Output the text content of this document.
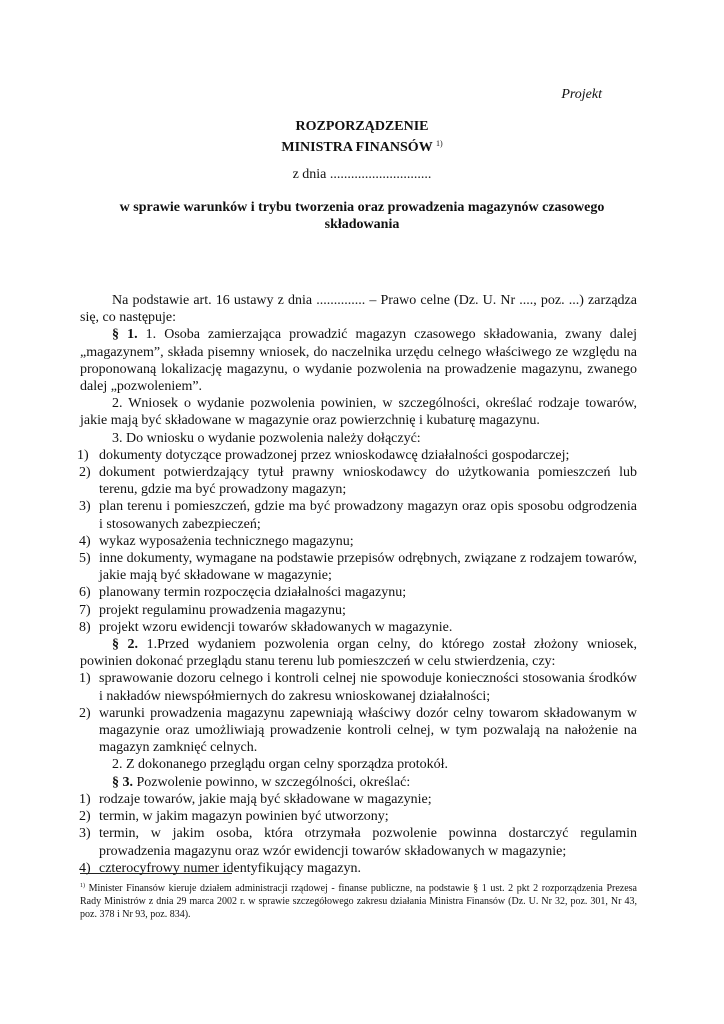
Projekt
ROZPORZĄDZENIE
MINISTRA FINANSÓW $^{1)}$
z dnia .............................
w sprawie warunków i trybu tworzenia oraz prowadzenia magazynów czasowego składowania

Na podstawie art. 16 ustawy z dnia .............. – Prawo celne (Dz. U. Nr ...., poz. ...) zarządza się, co następuje:

§ 1. 1. Osoba zamierzająca prowadzić magazyn czasowego składowania, zwany dalej „magazynem”, składa pisemny wniosek, do naczelnika urzędu celnego właściwego ze względu na proponowaną lokalizację magazynu, o wydanie pozwolenia na prowadzenie magazynu, zwanego dalej „pozwoleniem”.

2. Wniosek o wydanie pozwolenia powinien, w szczególności, określać rodzaje towarów, jakie mają być składowane w magazynie oraz powierzchnię i kubaturę magazynu.

3. Do wniosku o wydanie pozwolenia należy dołączyć:

1) dokumenty dotyczące prowadzonej przez wnioskodawcę działalności gospodarczej;
2) dokument potwierdzający tytuł prawny wnioskodawcy do użytkowania pomieszczeń lub terenu, gdzie ma być prowadzony magazyn;
3) plan terenu i pomieszczeń, gdzie ma być prowadzony magazyn oraz opis sposobu odgrodzenia i stosowanych zabezpieczeń;
4) wykaz wyposażenia technicznego magazynu;
5) inne dokumenty, wymagane na podstawie przepisów odrębnych, związane z rodzajem towarów, jakie mają być składowane w magazynie;
6) planowany termin rozpoczęcia działalności magazynu;
7) projekt regulaminu prowadzenia magazynu;
8) projekt wzoru ewidencji towarów składowanych w magazynie.

§ 2. 1.Przed wydaniem pozwolenia organ celny, do którego został złożony wniosek, powinien dokonać przeglądu stanu terenu lub pomieszczeń w celu stwierdzenia, czy:

1) sprawowanie dozoru celnego i kontroli celnej nie spowoduje konieczności stosowania środków i nakładów niewspółmiernych do zakresu wnioskowanej działalności;
2) warunki prowadzenia magazynu zapewniają właściwy dozór celny towarom składowanym w magazynie oraz umożliwiają prowadzenie kontroli celnej, w tym pozwalają na nałożenie na magazyn zamknięć celnych.

2. Z dokonanego przeglądu organ celny sporządza protokół.

§ 3. Pozwolenie powinno, w szczególności, określać:

1) rodzaje towarów, jakie mają być składowane w magazynie;
2) termin, w jakim magazyn powinien być utworzony;
3) termin, w jakim osoba, która otrzymała pozwolenie powinna dostarczyć regulamin prowadzenia magazynu oraz wzór ewidencji towarów składowanych w magazynie;
4) czterocyfrowy numer identyfikujący magazyn.
$^{1)}$ Minister Finansów kieruje działem administracji rządowej - finanse publiczne, na podstawie § 1 ust. 2 pkt 2 rozporządzenia Prezesa Rady Ministrów z dnia 29 marca 2002 r. w sprawie szczegółowego zakresu działania Ministra Finansów (Dz. U. Nr 32, poz. 301, Nr 43, poz. 378 i Nr 93, poz. 834).
